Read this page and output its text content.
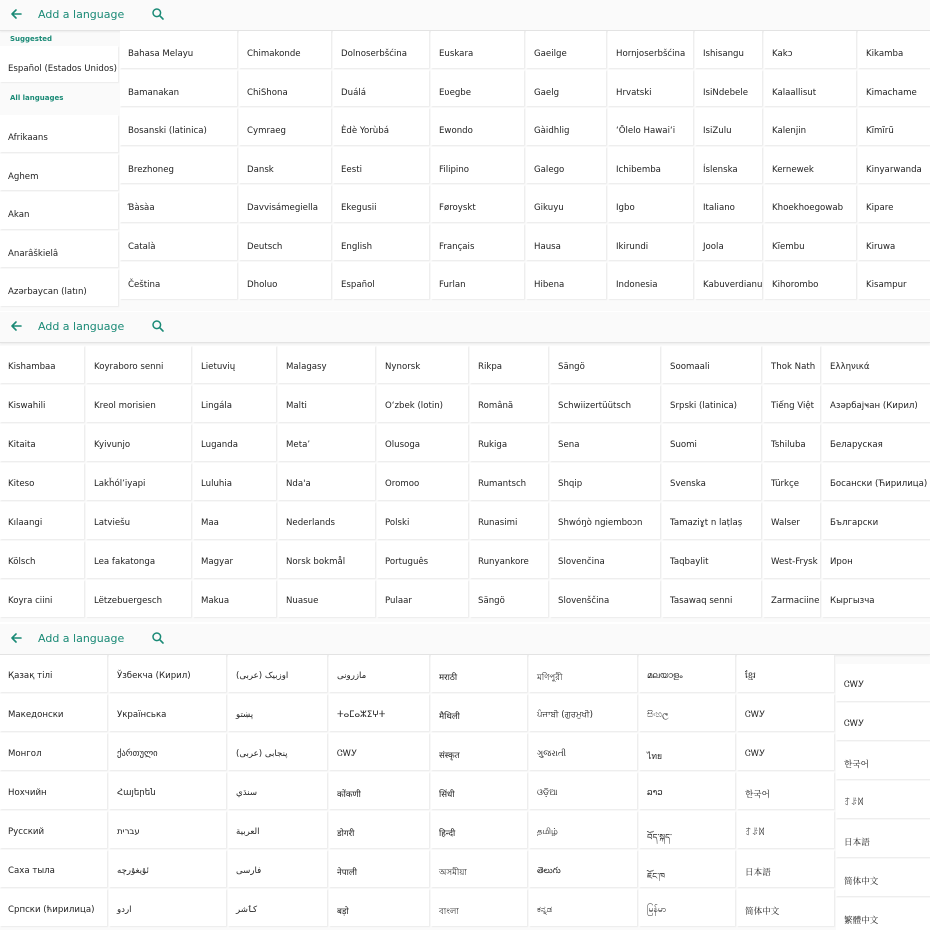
Add a language
Suggested
Español (Estados Unidos)
All languages
Afrikaans
Aghem
Akan
Anarâškielâ
Azərbaycan (latın)
Bahasa Melayu
Bamanakan
Bosanski (latinica)
Brezhoneg
Ɓàsàa
Català
Čeština
Chimakonde
ChiShona
Cymraeg
Dansk
Davvisámegiella
Deutsch
Dholuo
Dolnoserbšćina
Duálá
Èdè Yorùbá
Eesti
Ekegusii
English
Español
Euskara
Eʋegbe
Ewondo
Filipino
Føroyskt
Français
Furlan
Gaeilge
Gaelg
Gàidhlig
Galego
Gikuyu
Hausa
Hibena
Hornjoserbšćina
Hrvatski
ʻŌlelo Hawaiʻi
Ichibemba
Igbo
Ikirundi
Indonesia
Ishisangu
IsiNdebele
IsiZulu
Íslenska
Italiano
Joola
Kabuverdianu
Kakɔ
Kalaallisut
Kalenjin
Kernewek
Khoekhoegowab
Kĩembu
Kihorombo
Kikamba
Kimachame
Kĩmĩrũ
Kinyarwanda
Kipare
Kiruwa
Kisampur
Add a language
Kishambaa
Kiswahili
Kitaita
Kiteso
Kılaangi
Kölsch
Koyra ciini
Koyraboro senni
Kreol morisien
Kyivunjo
Lakȟólʼiyapi
Latviešu
Lea fakatonga
Lëtzebuergesch
Lietuvių
Lingála
Luganda
Luluhia
Maa
Magyar
Makua
Malagasy
Malti
Metaʼ
Ndaꞌa
Nederlands
Norsk bokmål
Nuasue
Nynorsk
Oʻzbek (lotin)
Olusoga
Oromoo
Polski
Português
Pulaar
Rikpa
Română
Rukiga
Rumantsch
Runasimi
Runyankore
Sängö
Sängö
Schwiizertüütsch
Sena
Shqip
Shwóŋò ngiemboɔn
Slovenčina
Slovenščina
Soomaali
Srpski (latinica)
Suomi
Svenska
Tamaziɣt n laṭlaṣ
Taqbaylit
Tasawaq senni
Thok Nath
Tiếng Việt
Tshiluba
Türkçe
Walser
West-Frysk
Zarmaciine
Ελληνικά
Азәрбајҹан (Кирил)
Беларуская
Босански (Ћирилица)
Български
Ирон
Кыргызча
Add a language
Қазақ тілі
Македонски
Монгол
Нохчийн
Русский
Саха тыла
Српски (ћирилица)
Ўзбекча (Кирил)
Українська
ქართული
Հայերեն
עברית
ئۇيغۇرچە
اردو
اوزبیک (عربی)
پښتو
پنجابی (عربی)
سنڌي
العربية
فارسی
کٲشر
مازرونی
ⵜⴰⵎⴰⵣⵉⵖⵜ
ᏣᎳᎩ
कोंकणी
डोगरी
नेपाली
बड़ो
मराठी
मैथिली
संस्कृत
सिंधी
हिन्दी
অসমীয়া
বাংলা
মণিপুরী
ਪੰਜਾਬੀ (ਗੁਰਮੁਖੀ)
ગુજરાતી
ଓଡ଼ିଆ
தமிழ்
తెలుగు
ಕನ್ನಡ
മലയാളം
සිංහල
ไทย
ລາວ
བོད་སྐད་
ཇོང་ཁ
မြန်မာ
ខ្មែរ
ᏣᎳᎩ
ᏣᎳᎩ
한국어
ꆈꌠꉙ
日本語
简体中文
ᏣᎳᎩ
ᏣᎳᎩ
한국어
ꆈꌠꉙ
日本語
简体中文
繁體中文
